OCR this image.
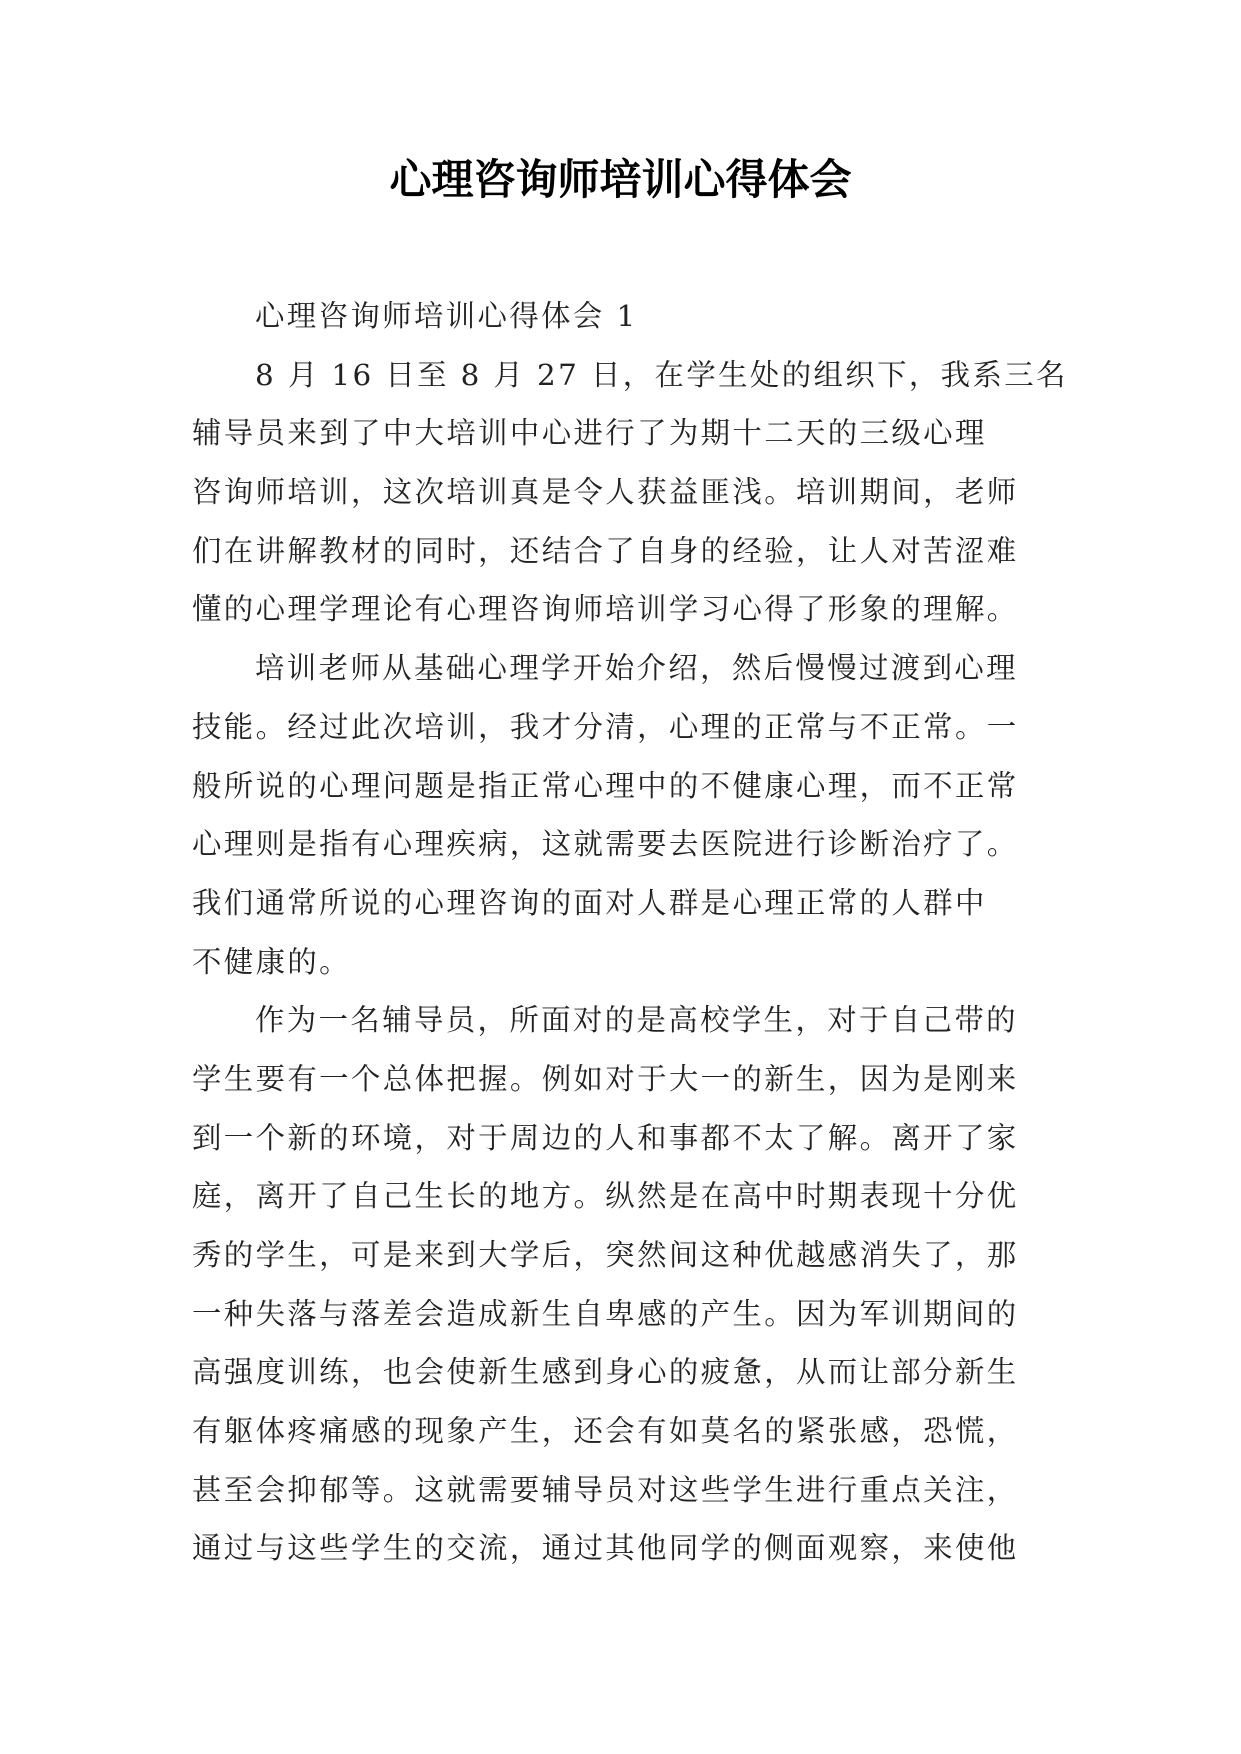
心理咨询师培训心得体会
心理咨询师培训心得体会 1
8 月 16 日至 8 月 27 日，在学生处的组织下，我系三名
辅导员来到了中大培训中心进行了为期十二天的三级心理
咨询师培训，这次培训真是令人获益匪浅。培训期间，老师
们在讲解教材的同时，还结合了自身的经验，让人对苦涩难
懂的心理学理论有心理咨询师培训学习心得了形象的理解。
培训老师从基础心理学开始介绍，然后慢慢过渡到心理
技能。经过此次培训，我才分清，心理的正常与不正常。一
般所说的心理问题是指正常心理中的不健康心理，而不正常
心理则是指有心理疾病，这就需要去医院进行诊断治疗了。
我们通常所说的心理咨询的面对人群是心理正常的人群中
不健康的。
作为一名辅导员，所面对的是高校学生，对于自己带的
学生要有一个总体把握。例如对于大一的新生，因为是刚来
到一个新的环境，对于周边的人和事都不太了解。离开了家
庭，离开了自己生长的地方。纵然是在高中时期表现十分优
秀的学生，可是来到大学后，突然间这种优越感消失了，那
一种失落与落差会造成新生自卑感的产生。因为军训期间的
高强度训练，也会使新生感到身心的疲惫，从而让部分新生
有躯体疼痛感的现象产生，还会有如莫名的紧张感，恐慌，
甚至会抑郁等。这就需要辅导员对这些学生进行重点关注，
通过与这些学生的交流，通过其他同学的侧面观察，来使他
